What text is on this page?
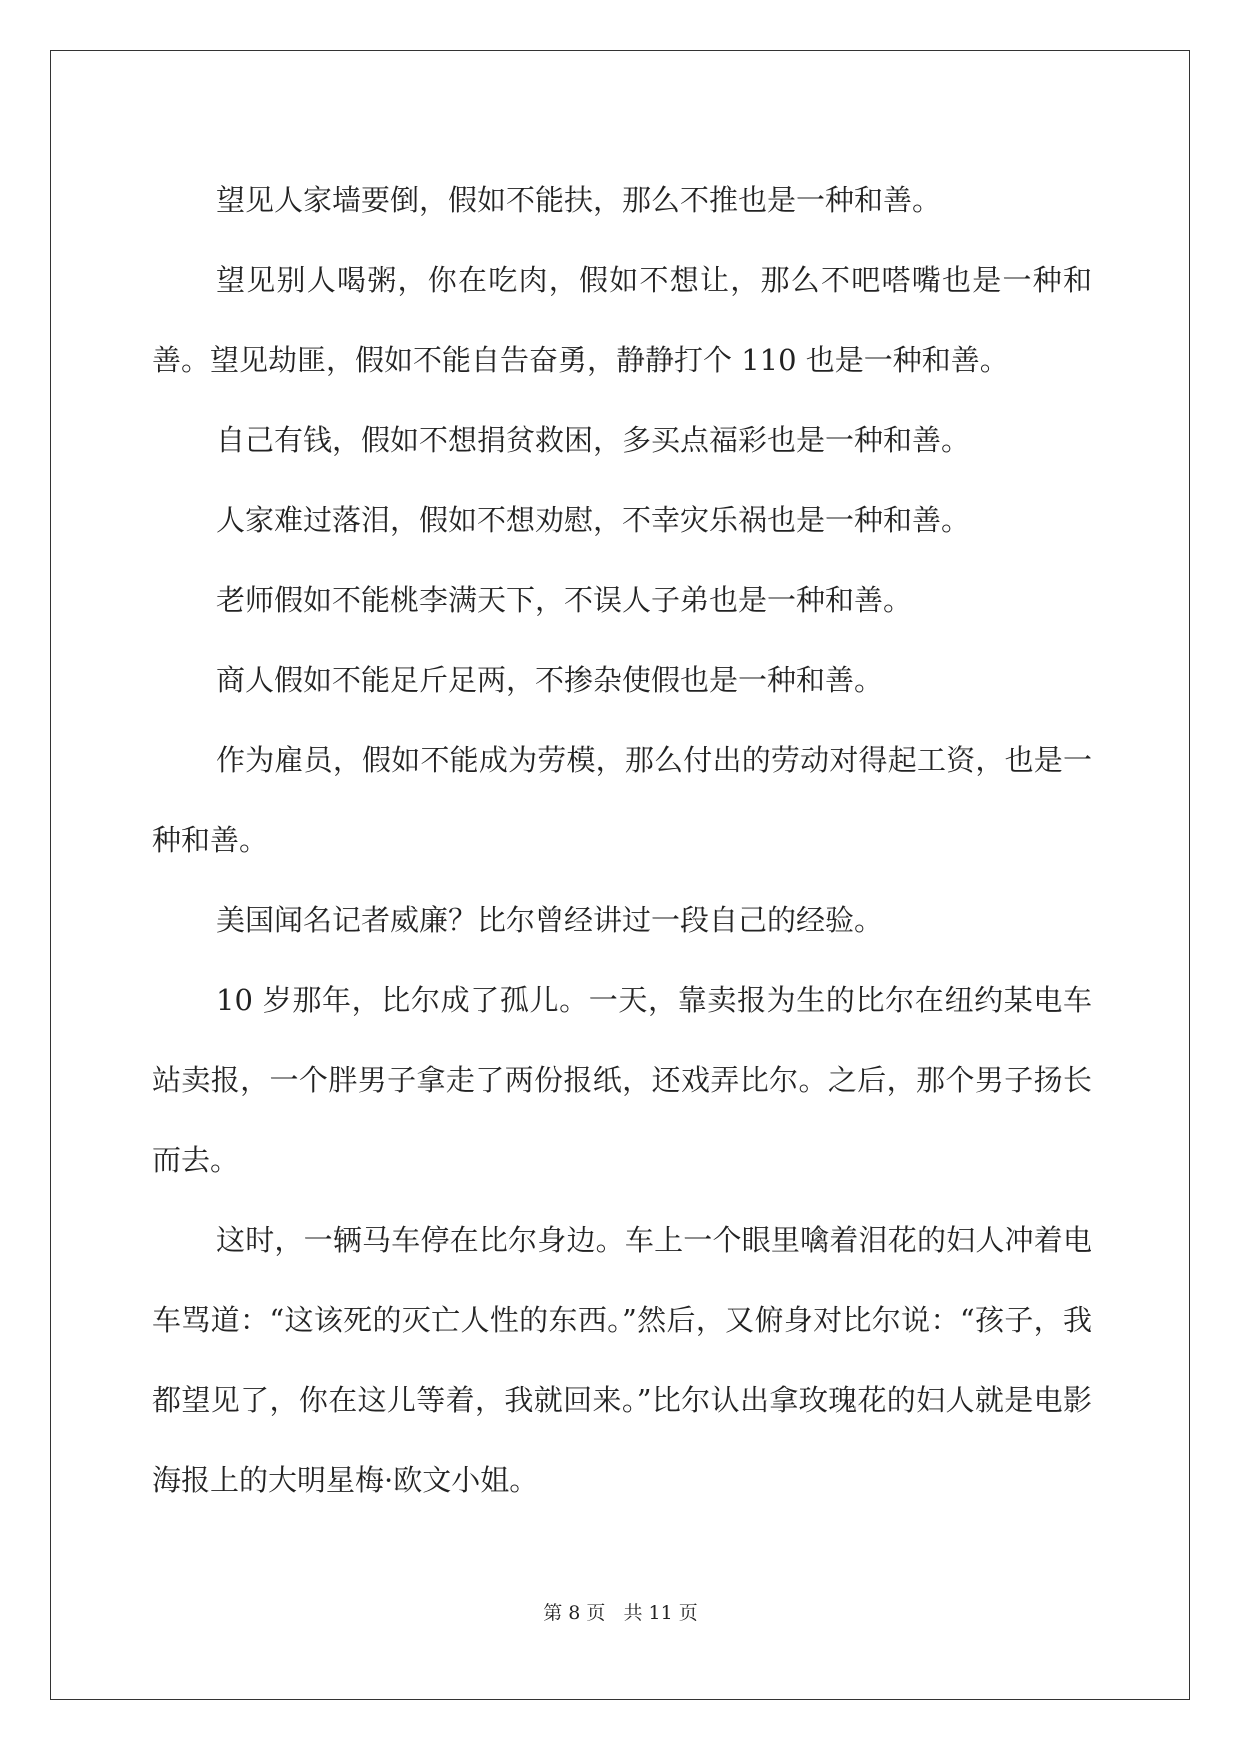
望见人家墙要倒，假如不能扶，那么不推也是一种和善。

望见别人喝粥，你在吃肉，假如不想让，那么不吧嗒嘴也是一种和善。望见劫匪，假如不能自告奋勇，静静打个 110 也是一种和善。

自己有钱，假如不想捐贫救困，多买点福彩也是一种和善。

人家难过落泪，假如不想劝慰，不幸灾乐祸也是一种和善。

老师假如不能桃李满天下，不误人子弟也是一种和善。

商人假如不能足斤足两，不掺杂使假也是一种和善。

作为雇员，假如不能成为劳模，那么付出的劳动对得起工资，也是一种和善。

美国闻名记者威廉？比尔曾经讲过一段自己的经验。

10 岁那年，比尔成了孤儿。一天，靠卖报为生的比尔在纽约某电车站卖报，一个胖男子拿走了两份报纸，还戏弄比尔。之后，那个男子扬长而去。

这时，一辆马车停在比尔身边。车上一个眼里噙着泪花的妇人冲着电车骂道：“这该死的灭亡人性的东西。”然后，又俯身对比尔说：“孩子，我都望见了，你在这儿等着，我就回来。”比尔认出拿玫瑰花的妇人就是电影海报上的大明星梅·欧文小姐。

第 8 页 共 11 页
